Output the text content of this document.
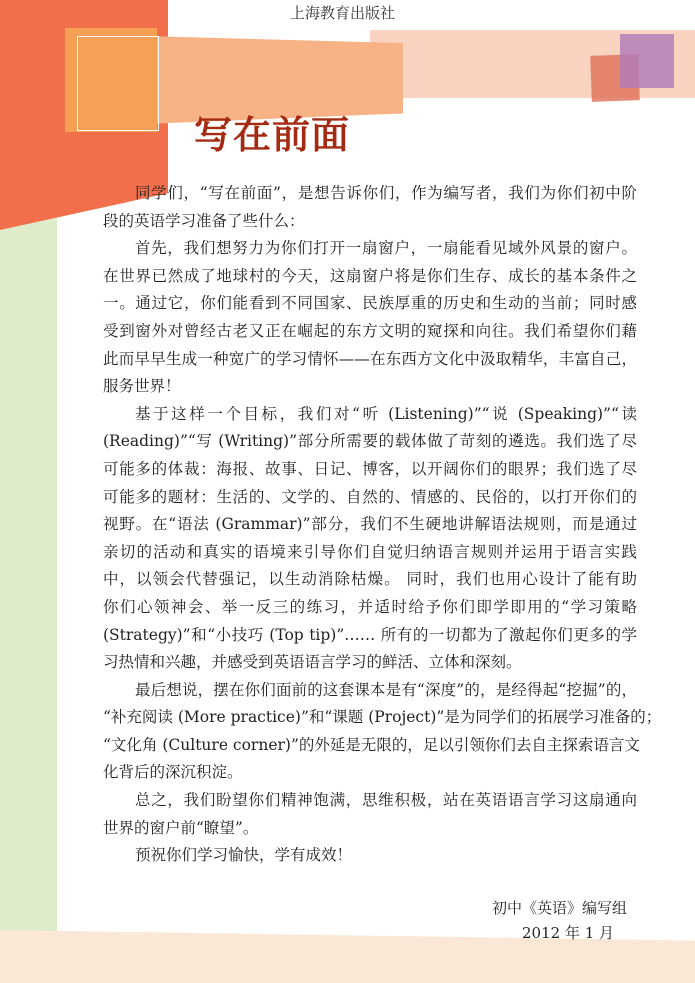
上海教育出版社
写在前面
同学们，“写在前面”，是想告诉你们，作为编写者，我们为你们初中阶
段的英语学习准备了些什么：
首先，我们想努力为你们打开一扇窗户，一扇能看见域外风景的窗户。
在世界已然成了地球村的今天，这扇窗户将是你们生存、成长的基本条件之
一。通过它，你们能看到不同国家、民族厚重的历史和生动的当前；同时感
受到窗外对曾经古老又正在崛起的东方文明的窥探和向往。我们希望你们藉
此而早早生成一种宽广的学习情怀——在东西方文化中汲取精华，丰富自己，
服务世界！
基于这样一个目标，我们对“听 (Listening)”“说 (Speaking)”“读
(Reading)”“写 (Writing)”部分所需要的载体做了苛刻的遴选。我们选了尽
可能多的体裁：海报、故事、日记、博客，以开阔你们的眼界；我们选了尽
可能多的题材：生活的、文学的、自然的、情感的、民俗的，以打开你们的
视野。在“语法 (Grammar)”部分，我们不生硬地讲解语法规则，而是通过
亲切的活动和真实的语境来引导你们自觉归纳语言规则并运用于语言实践
中，以领会代替强记，以生动消除枯燥。 同时，我们也用心设计了能有助
你们心领神会、举一反三的练习，并适时给予你们即学即用的“学习策略
(Strategy)”和“小技巧 (Top tip)”…… 所有的一切都为了激起你们更多的学
习热情和兴趣，并感受到英语语言学习的鲜活、立体和深刻。
最后想说，摆在你们面前的这套课本是有“深度”的，是经得起“挖掘”的，
“补充阅读 (More practice)”和“课题 (Project)”是为同学们的拓展学习准备的；
“文化角 (Culture corner)”的外延是无限的，足以引领你们去自主探索语言文
化背后的深沉积淀。
总之，我们盼望你们精神饱满，思维积极，站在英语语言学习这扇通向
世界的窗户前“瞭望”。
预祝你们学习愉快，学有成效！
初中《英语》编写组
2012 年 1 月
